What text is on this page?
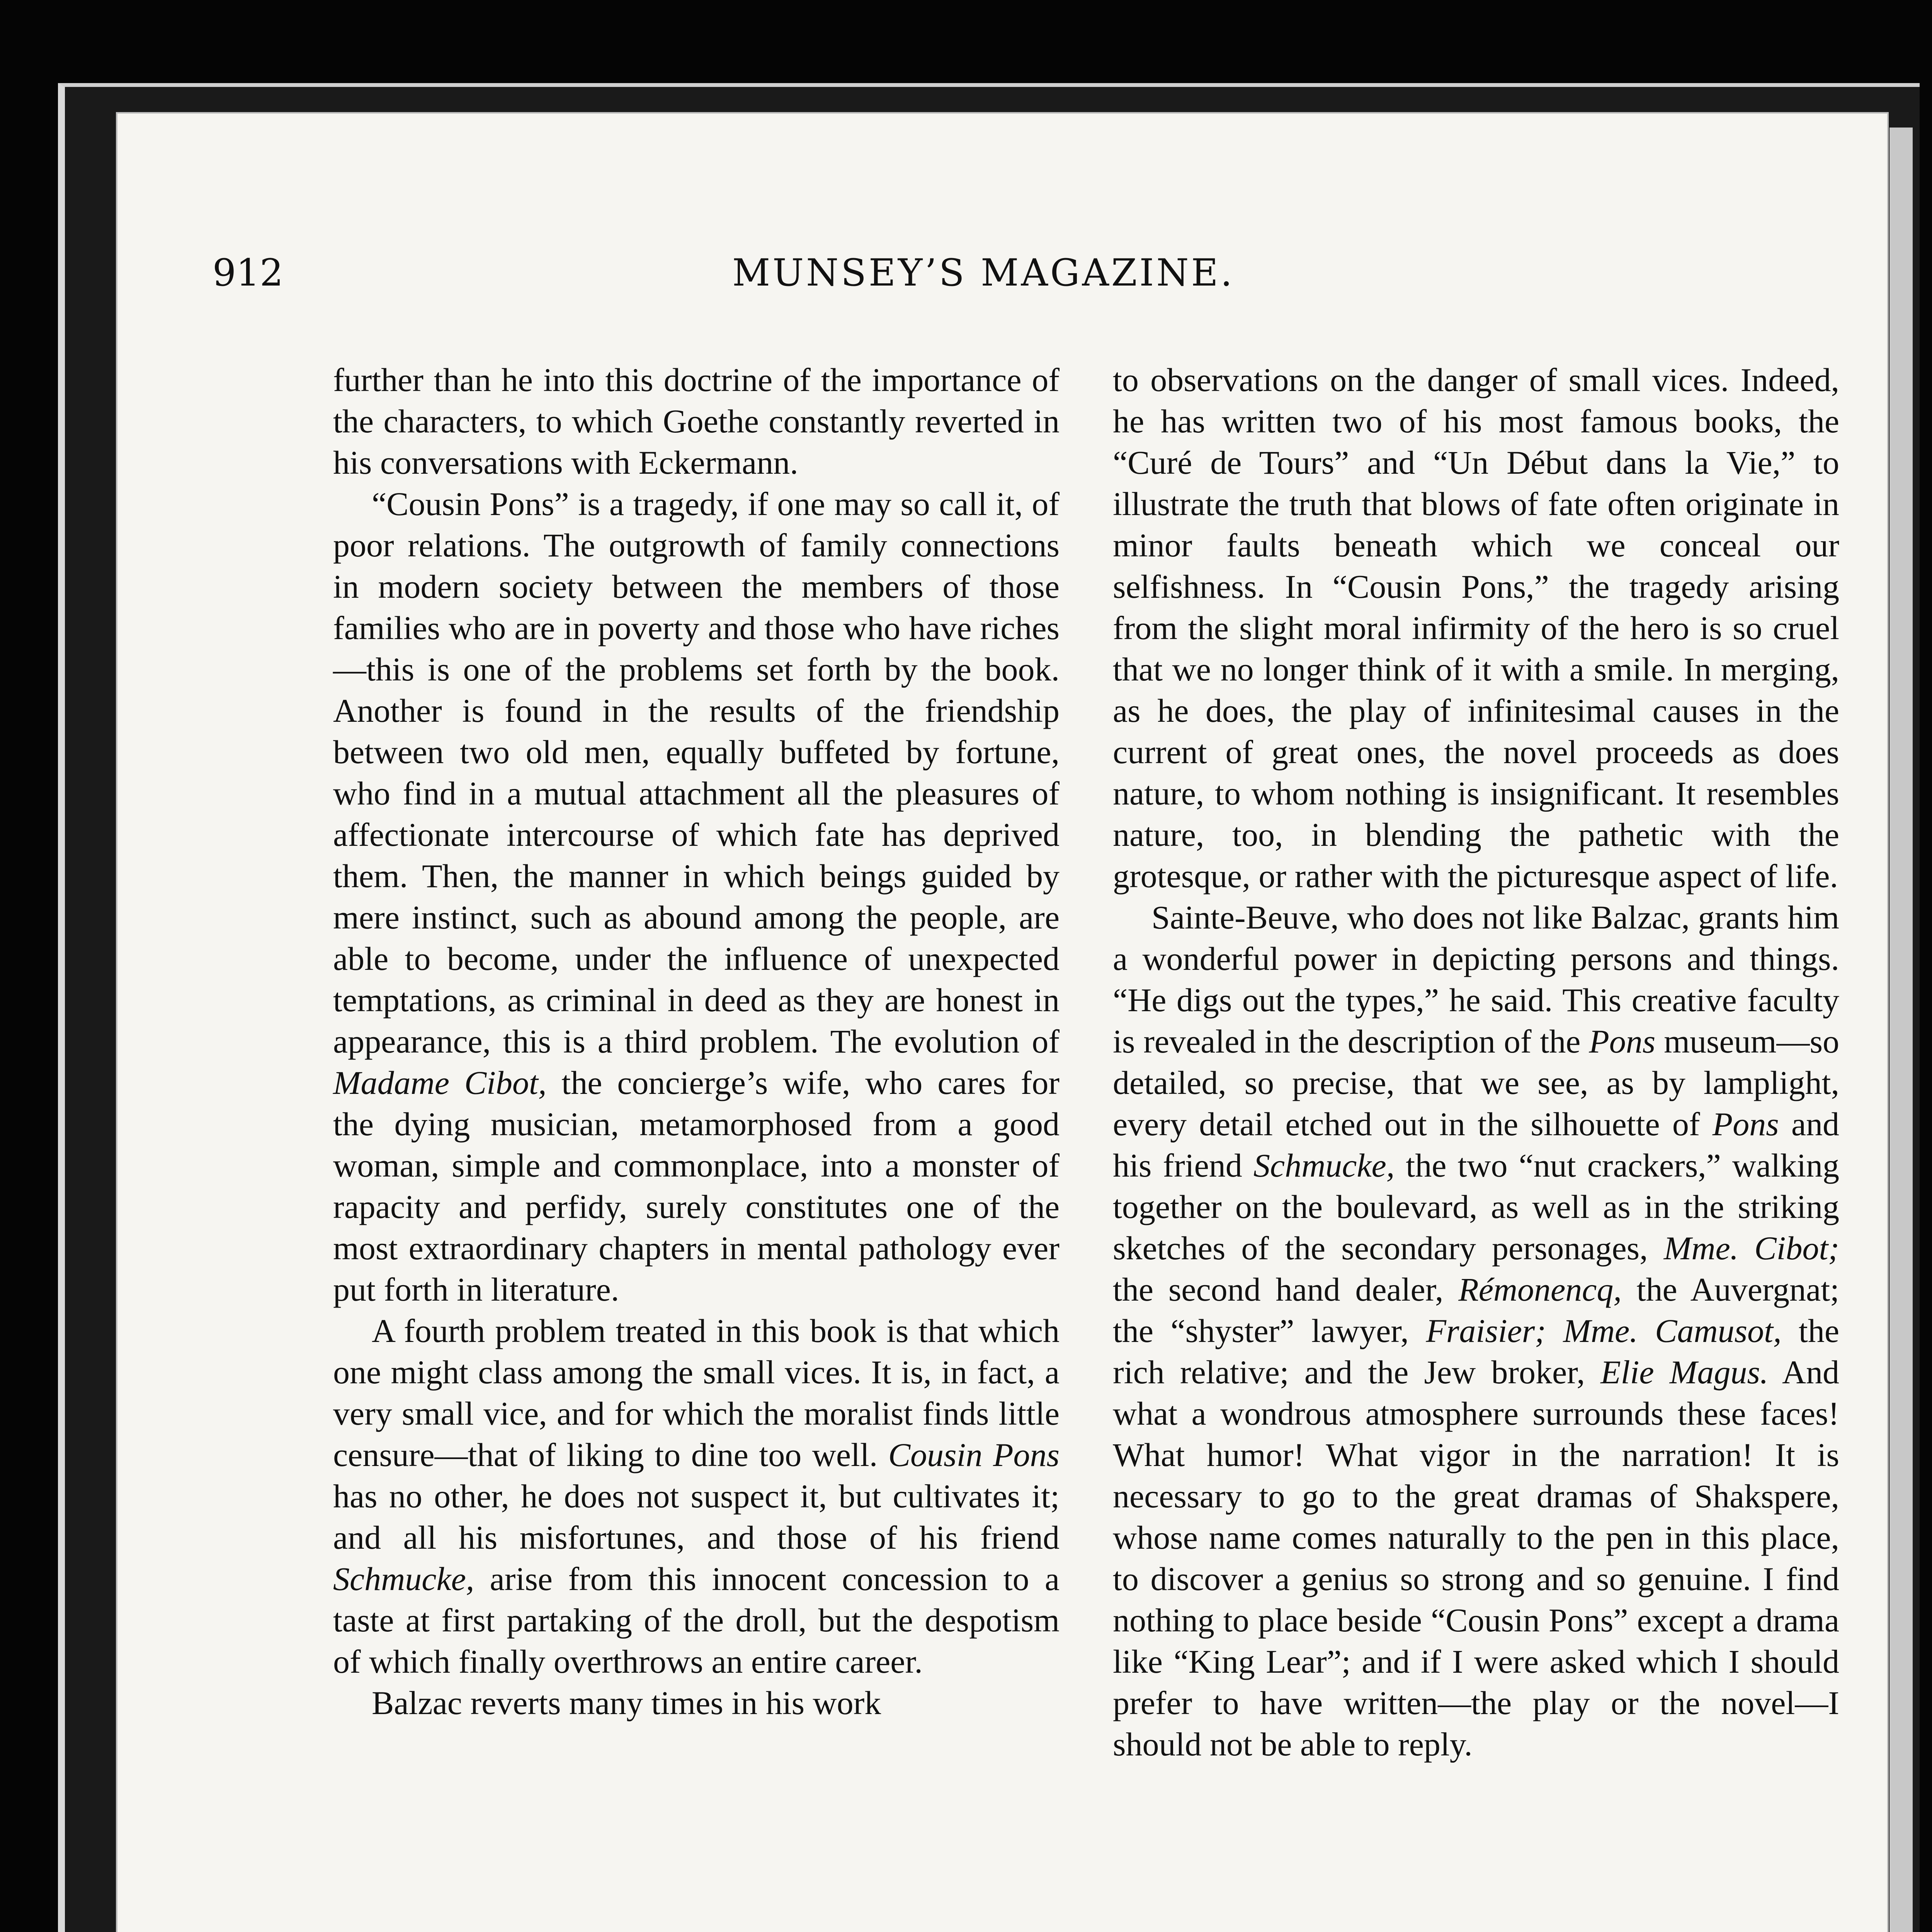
912	MUNSEY’S MAGAZINE.

further than he into this doctrine of the importance of the characters, to which Goethe constantly reverted in his conversations with Eckermann.

“Cousin Pons” is a tragedy, if one may so call it, of poor relations. The outgrowth of family connections in modern society between the members of those families who are in poverty and those who have riches—this is one of the problems set forth by the book. Another is found in the results of the friendship between two old men, equally buffeted by fortune, who find in a mutual attachment all the pleasures of affectionate intercourse of which fate has deprived them. Then, the manner in which beings guided by mere instinct, such as abound among the people, are able to become, under the influence of unexpected temptations, as criminal in deed as they are honest in appearance, this is a third problem. The evolution of Madame Cibot, the concierge’s wife, who cares for the dying musician, metamorphosed from a good woman, simple and commonplace, into a monster of rapacity and perfidy, surely constitutes one of the most extraordinary chapters in mental pathology ever put forth in literature.

A fourth problem treated in this book is that which one might class among the small vices. It is, in fact, a very small vice, and for which the moralist finds little censure—that of liking to dine too well. Cousin Pons has no other, he does not suspect it, but cultivates it; and all his misfortunes, and those of his friend Schmucke, arise from this innocent concession to a taste at first partaking of the droll, but the despotism of which finally overthrows an entire career.

Balzac reverts many times in his work

to observations on the danger of small vices. Indeed, he has written two of his most famous books, the “Curé de Tours” and “Un Début dans la Vie,” to illustrate the truth that blows of fate often originate in minor faults beneath which we conceal our selfishness. In “Cousin Pons,” the tragedy arising from the slight moral infirmity of the hero is so cruel that we no longer think of it with a smile. In merging, as he does, the play of infinitesimal causes in the current of great ones, the novel proceeds as does nature, to whom nothing is insignificant. It resembles nature, too, in blending the pathetic with the grotesque, or rather with the picturesque aspect of life.

Sainte-Beuve, who does not like Balzac, grants him a wonderful power in depicting persons and things. “He digs out the types,” he said. This creative faculty is revealed in the description of the Pons museum—so detailed, so precise, that we see, as by lamplight, every detail etched out in the silhouette of Pons and his friend Schmucke, the two “nut crackers,” walking together on the boulevard, as well as in the striking sketches of the secondary personages, Mme. Cibot; the second hand dealer, Rémonencq, the Auvergnat; the “shyster” lawyer, Fraisier; Mme. Camusot, the rich relative; and the Jew broker, Elie Magus. And what a wondrous atmosphere surrounds these faces! What humor! What vigor in the narration! It is necessary to go to the great dramas of Shakspere, whose name comes naturally to the pen in this place, to discover a genius so strong and so genuine. I find nothing to place beside “Cousin Pons” except a drama like “King Lear”; and if I were asked which I should prefer to have written—the play or the novel—I should not be able to reply.
